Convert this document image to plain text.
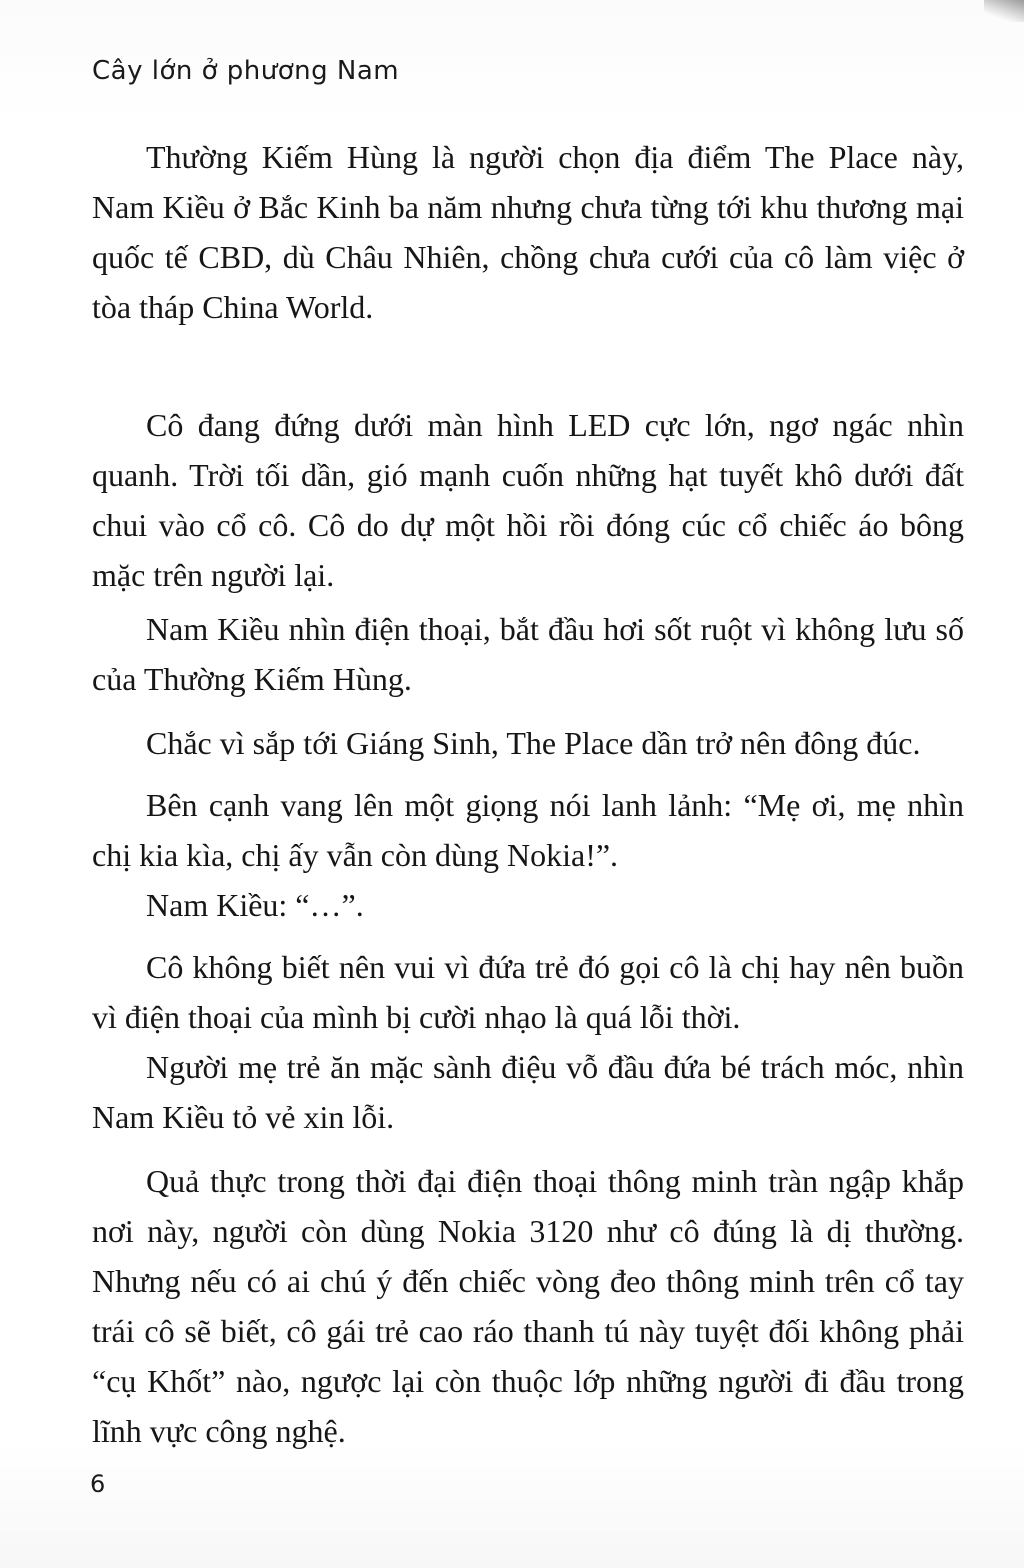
Cây lớn ở phương Nam

Thường Kiếm Hùng là người chọn địa điểm The Place này, Nam Kiều ở Bắc Kinh ba năm nhưng chưa từng tới khu thương mại quốc tế CBD, dù Châu Nhiên, chồng chưa cưới của cô làm việc ở tòa tháp China World.

Cô đang đứng dưới màn hình LED cực lớn, ngơ ngác nhìn quanh. Trời tối dần, gió mạnh cuốn những hạt tuyết khô dưới đất chui vào cổ cô. Cô do dự một hồi rồi đóng cúc cổ chiếc áo bông mặc trên người lại.

Nam Kiều nhìn điện thoại, bắt đầu hơi sốt ruột vì không lưu số của Thường Kiếm Hùng.

Chắc vì sắp tới Giáng Sinh, The Place dần trở nên đông đúc.

Bên cạnh vang lên một giọng nói lanh lảnh: “Mẹ ơi, mẹ nhìn chị kia kìa, chị ấy vẫn còn dùng Nokia!”.

Nam Kiều: “…”.

Cô không biết nên vui vì đứa trẻ đó gọi cô là chị hay nên buồn vì điện thoại của mình bị cười nhạo là quá lỗi thời.

Người mẹ trẻ ăn mặc sành điệu vỗ đầu đứa bé trách móc, nhìn Nam Kiều tỏ vẻ xin lỗi.

Quả thực trong thời đại điện thoại thông minh tràn ngập khắp nơi này, người còn dùng Nokia 3120 như cô đúng là dị thường. Nhưng nếu có ai chú ý đến chiếc vòng đeo thông minh trên cổ tay trái cô sẽ biết, cô gái trẻ cao ráo thanh tú này tuyệt đối không phải “cụ Khốt” nào, ngược lại còn thuộc lớp những người đi đầu trong lĩnh vực công nghệ.

6
